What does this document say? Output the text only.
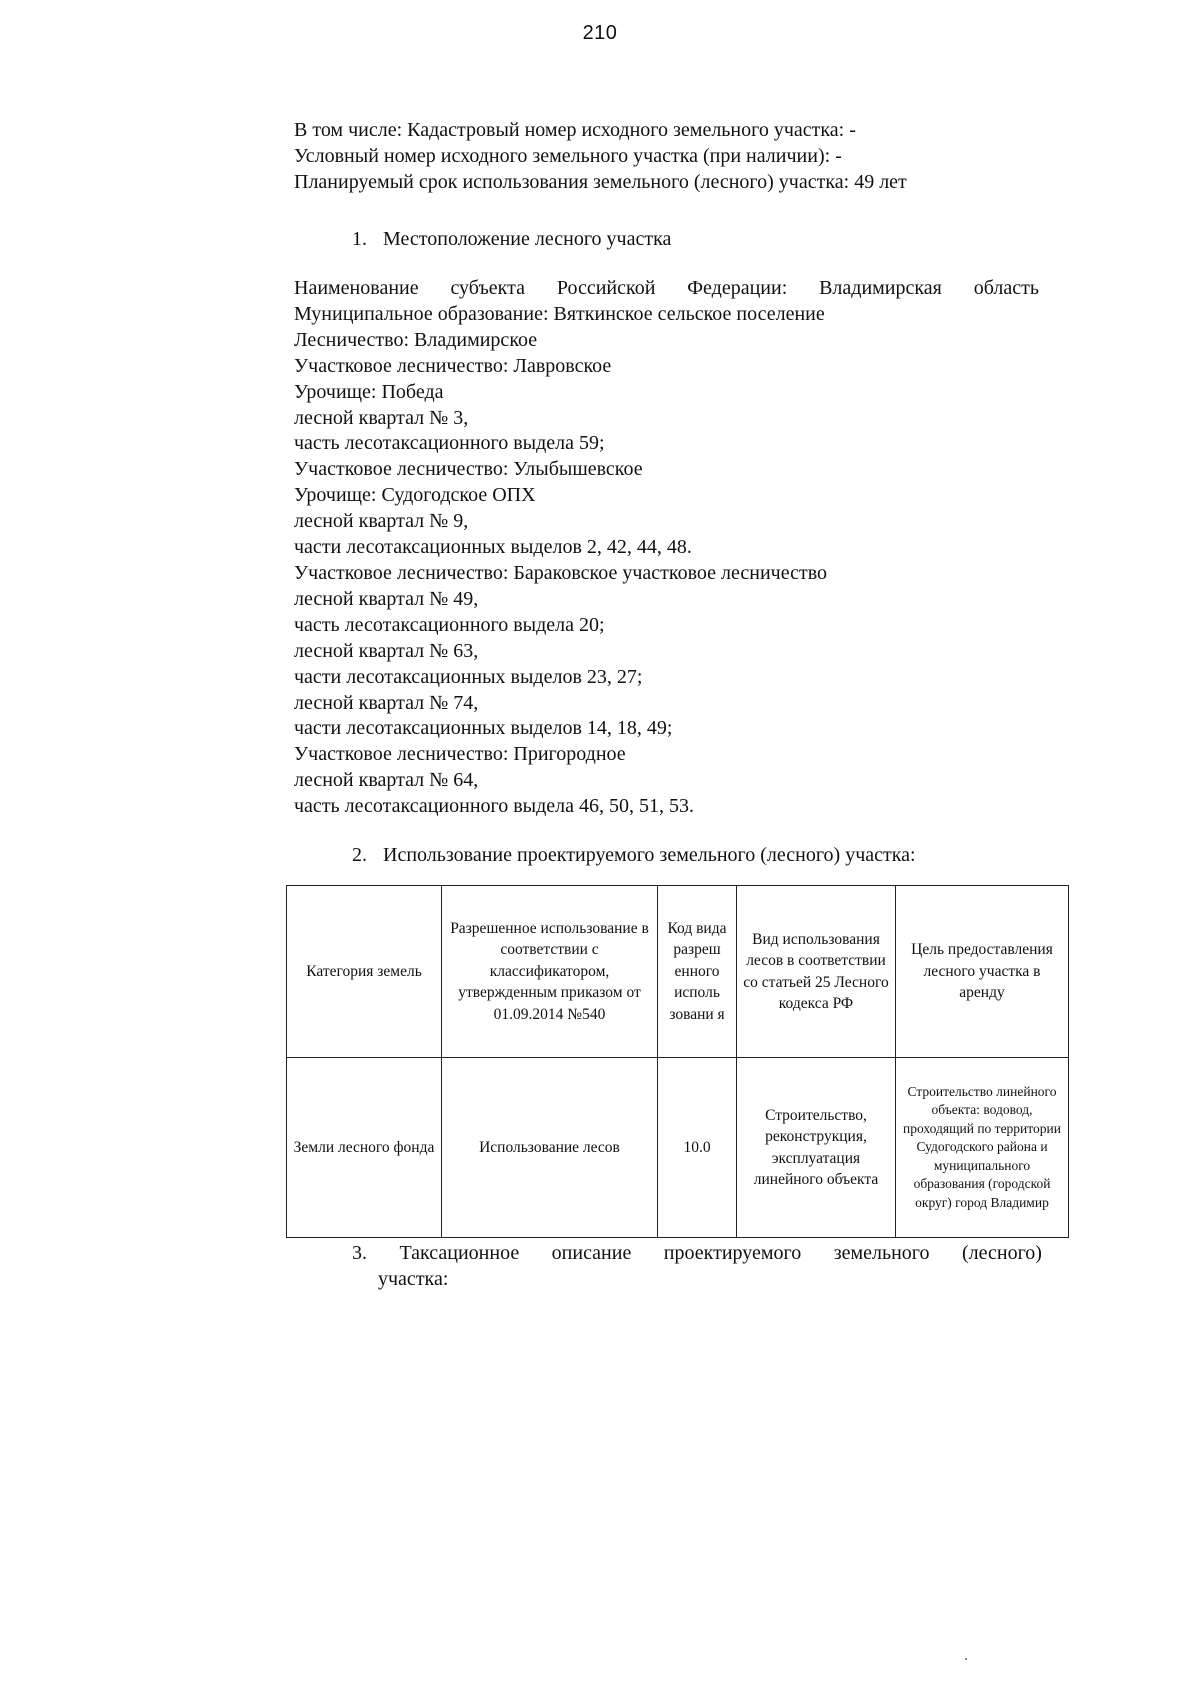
210
В том числе: Кадастровый номер исходного земельного участка: -
Условный номер исходного земельного участка (при наличии): -
Планируемый срок использования земельного (лесного) участка: 49 лет
1. Местоположение лесного участка
Наименование субъекта Российской Федерации: Владимирская область
Муниципальное образование: Вяткинское сельское поселение
Лесничество: Владимирское
Участковое лесничество: Лавровское
Урочище: Победа
лесной квартал № 3,
часть лесотаксационного выдела 59;
Участковое лесничество: Улыбышевское
Урочище: Судогодское ОПХ
лесной квартал № 9,
части лесотаксационных выделов 2, 42, 44, 48.
Участковое лесничество: Бараковское участковое лесничество
лесной квартал № 49,
часть лесотаксационного выдела 20;
лесной квартал № 63,
части лесотаксационных выделов 23, 27;
лесной квартал № 74,
части лесотаксационных выделов 14, 18, 49;
Участковое лесничество: Пригородное
лесной квартал № 64,
часть лесотаксационного выдела 46, 50, 51, 53.
2. Использование проектируемого земельного (лесного) участка:
Категория земель	Разрешенное использование в соответствии с классификатором, утвержденным приказом от 01.09.2014 №540	Код вида разреш енного исполь зовани я	Вид использования лесов в соответствии со статьей 25 Лесного кодекса РФ	Цель предоставления лесного участка в аренду
Земли лесного фонда	Использование лесов	10.0	Строительство, реконструкция, эксплуатация линейного объекта	Строительство линейного объекта: водовод, проходящий по территории Судогодского района и муниципального образования (городской округ) город Владимир
3. Таксационное описание проектируемого земельного (лесного)
участка:
